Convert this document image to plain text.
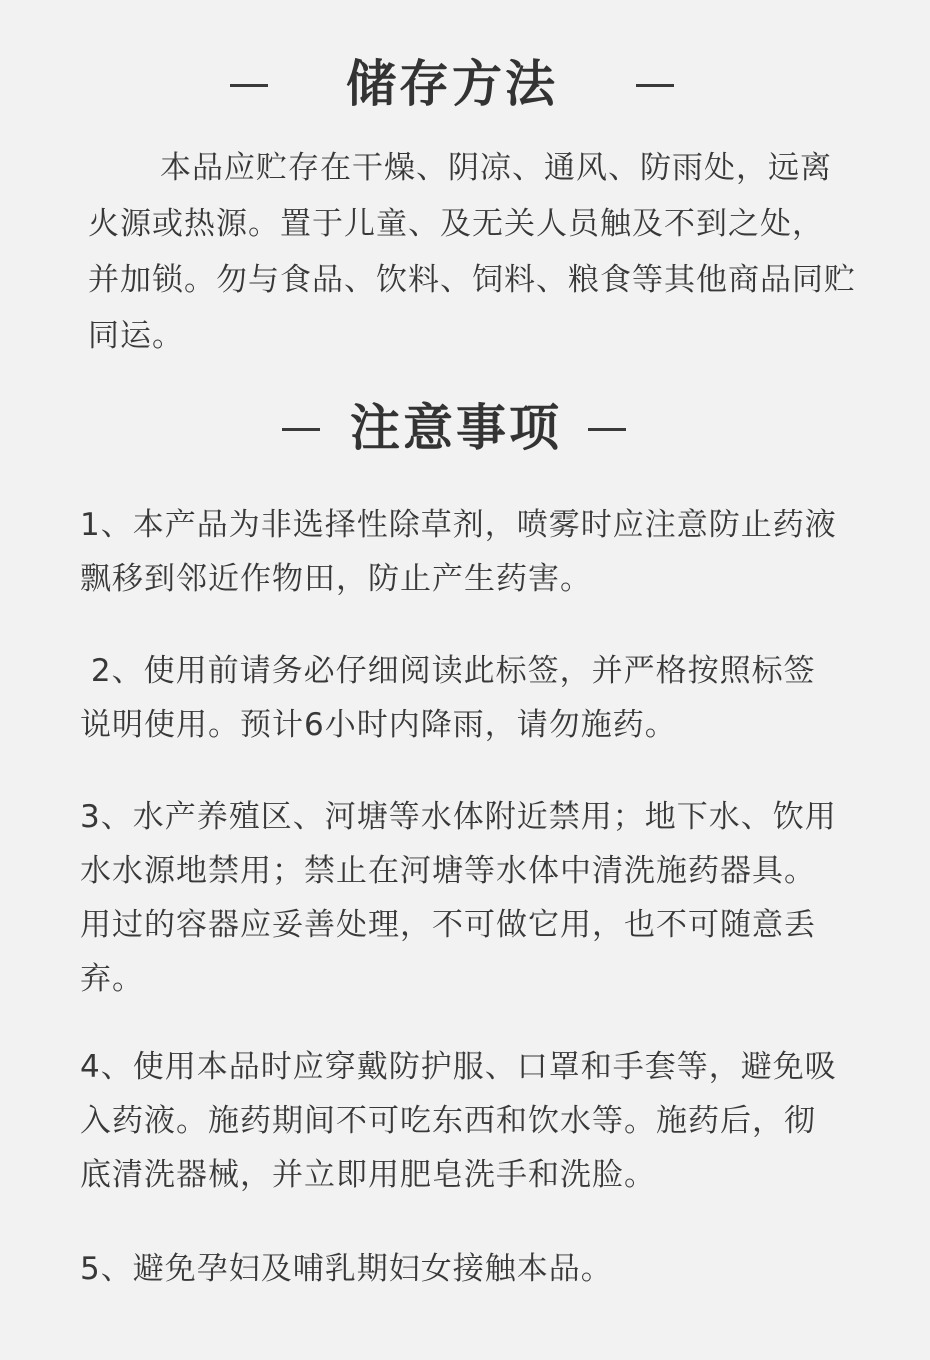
储存方法
本品应贮存在干燥、阴凉、通风、防雨处，远离
火源或热源。置于儿童、及无关人员触及不到之处，
并加锁。勿与食品、饮料、饲料、粮食等其他商品同贮
同运。
注意事项
1、本产品为非选择性除草剂，喷雾时应注意防止药液
飘移到邻近作物田，防止产生药害。
2、使用前请务必仔细阅读此标签，并严格按照标签
说明使用。预计6小时内降雨，请勿施药。
3、水产养殖区、河塘等水体附近禁用；地下水、饮用
水水源地禁用；禁止在河塘等水体中清洗施药器具。
用过的容器应妥善处理，不可做它用，也不可随意丢
弃。
4、使用本品时应穿戴防护服、口罩和手套等，避免吸
入药液。施药期间不可吃东西和饮水等。施药后，彻
底清洗器械，并立即用肥皂洗手和洗脸。
5、避免孕妇及哺乳期妇女接触本品。
